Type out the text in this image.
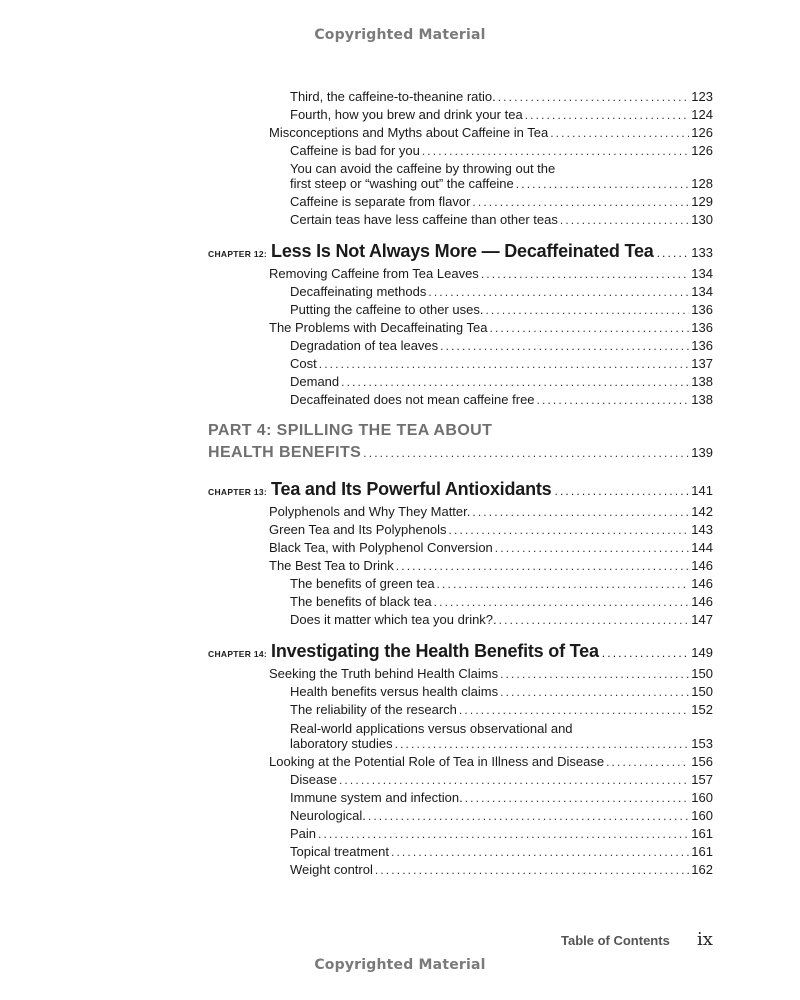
Copyrighted Material
Third, the caffeine-to-theanine ratio. . . .	123
Fourth, how you brew and drink your tea . . .	124
Misconceptions and Myths about Caffeine in Tea . . .	126
Caffeine is bad for you . . .	126
You can avoid the caffeine by throwing out the
first steep or “washing out” the caffeine . . .	128
Caffeine is separate from flavor . . .	129
Certain teas have less caffeine than other teas . . .	130
CHAPTER 12: Less Is Not Always More — Decaffeinated Tea . . .	133
Removing Caffeine from Tea Leaves . . .	134
Decaffeinating methods . . .	134
Putting the caffeine to other uses. . . .	136
The Problems with Decaffeinating Tea . . .	136
Degradation of tea leaves . . .	136
Cost . . .	137
Demand . . .	138
Decaffeinated does not mean caffeine free . . .	138
PART 4: SPILLING THE TEA ABOUT
HEALTH BENEFITS . . .	139
CHAPTER 13: Tea and Its Powerful Antioxidants . . .	141
Polyphenols and Why They Matter. . . .	142
Green Tea and Its Polyphenols . . .	143
Black Tea, with Polyphenol Conversion . . .	144
The Best Tea to Drink . . .	146
The benefits of green tea . . .	146
The benefits of black tea . . .	146
Does it matter which tea you drink?. . . .	147
CHAPTER 14: Investigating the Health Benefits of Tea . . .	149
Seeking the Truth behind Health Claims . . .	150
Health benefits versus health claims . . .	150
The reliability of the research . . .	152
Real-world applications versus observational and
laboratory studies . . .	153
Looking at the Potential Role of Tea in Illness and Disease . . .	156
Disease . . .	157
Immune system and infection. . . .	160
Neurological. . . .	160
Pain . . .	161
Topical treatment . . .	161
Weight control . . .	162
Table of Contents ix
Copyrighted Material
